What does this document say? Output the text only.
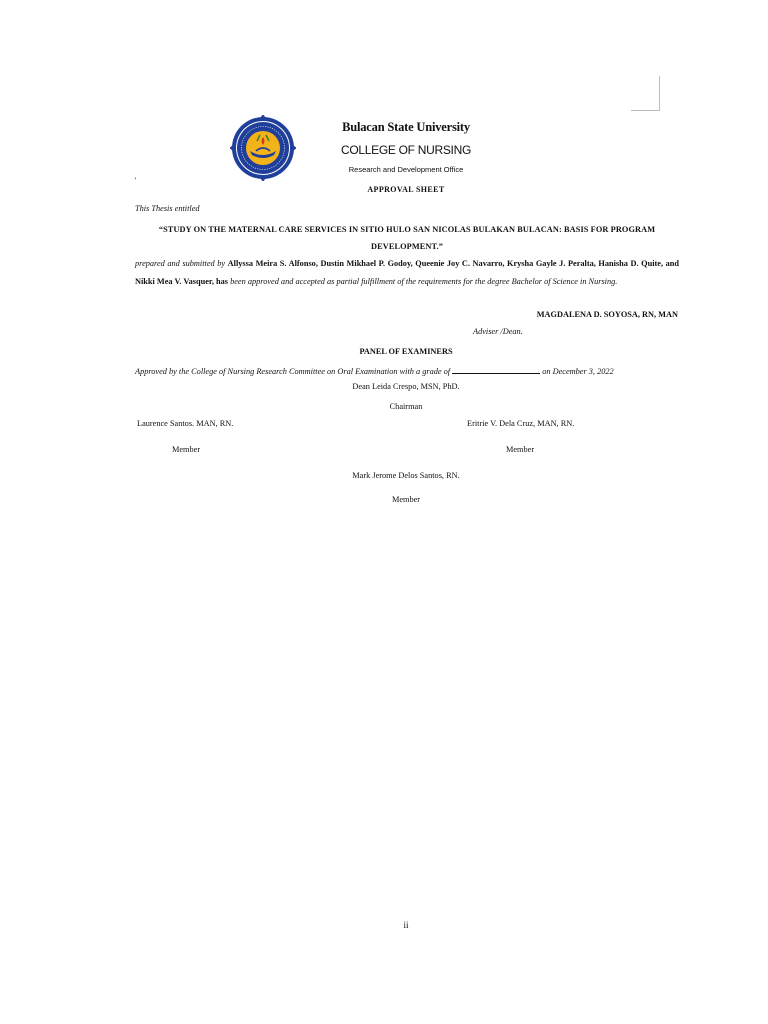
Bulacan State University
COLLEGE OF NURSING
Research and Development Office
'
APPROVAL SHEET
This Thesis entitled
“STUDY ON THE MATERNAL CARE SERVICES IN SITIO HULO SAN NICOLAS BULAKAN BULACAN: BASIS FOR PROGRAM DEVELOPMENT.”
prepared and submitted by Allyssa Meira S. Alfonso, Dustin Mikhael P. Godoy, Queenie Joy C. Navarro, Krysha Gayle J. Peralta, Hanisha D. Quite, and Nikki Mea V. Vasquer, has been approved and accepted as partial fulfillment of the requirements for the degree Bachelor of Science in Nursing.
MAGDALENA D. SOYOSA, RN, MAN
Adviser /Dean.
PANEL OF EXAMINERS
Approved by the College of Nursing Research Committee on Oral Examination with a grade of	on December 3, 2022
Dean Leida Crespo, MSN, PhD.
Chairman
Laurence Santos. MAN, RN.	Eritrie V. Dela Cruz, MAN, RN.
Member	Member
Mark Jerome Delos Santos, RN.
Member
ii
